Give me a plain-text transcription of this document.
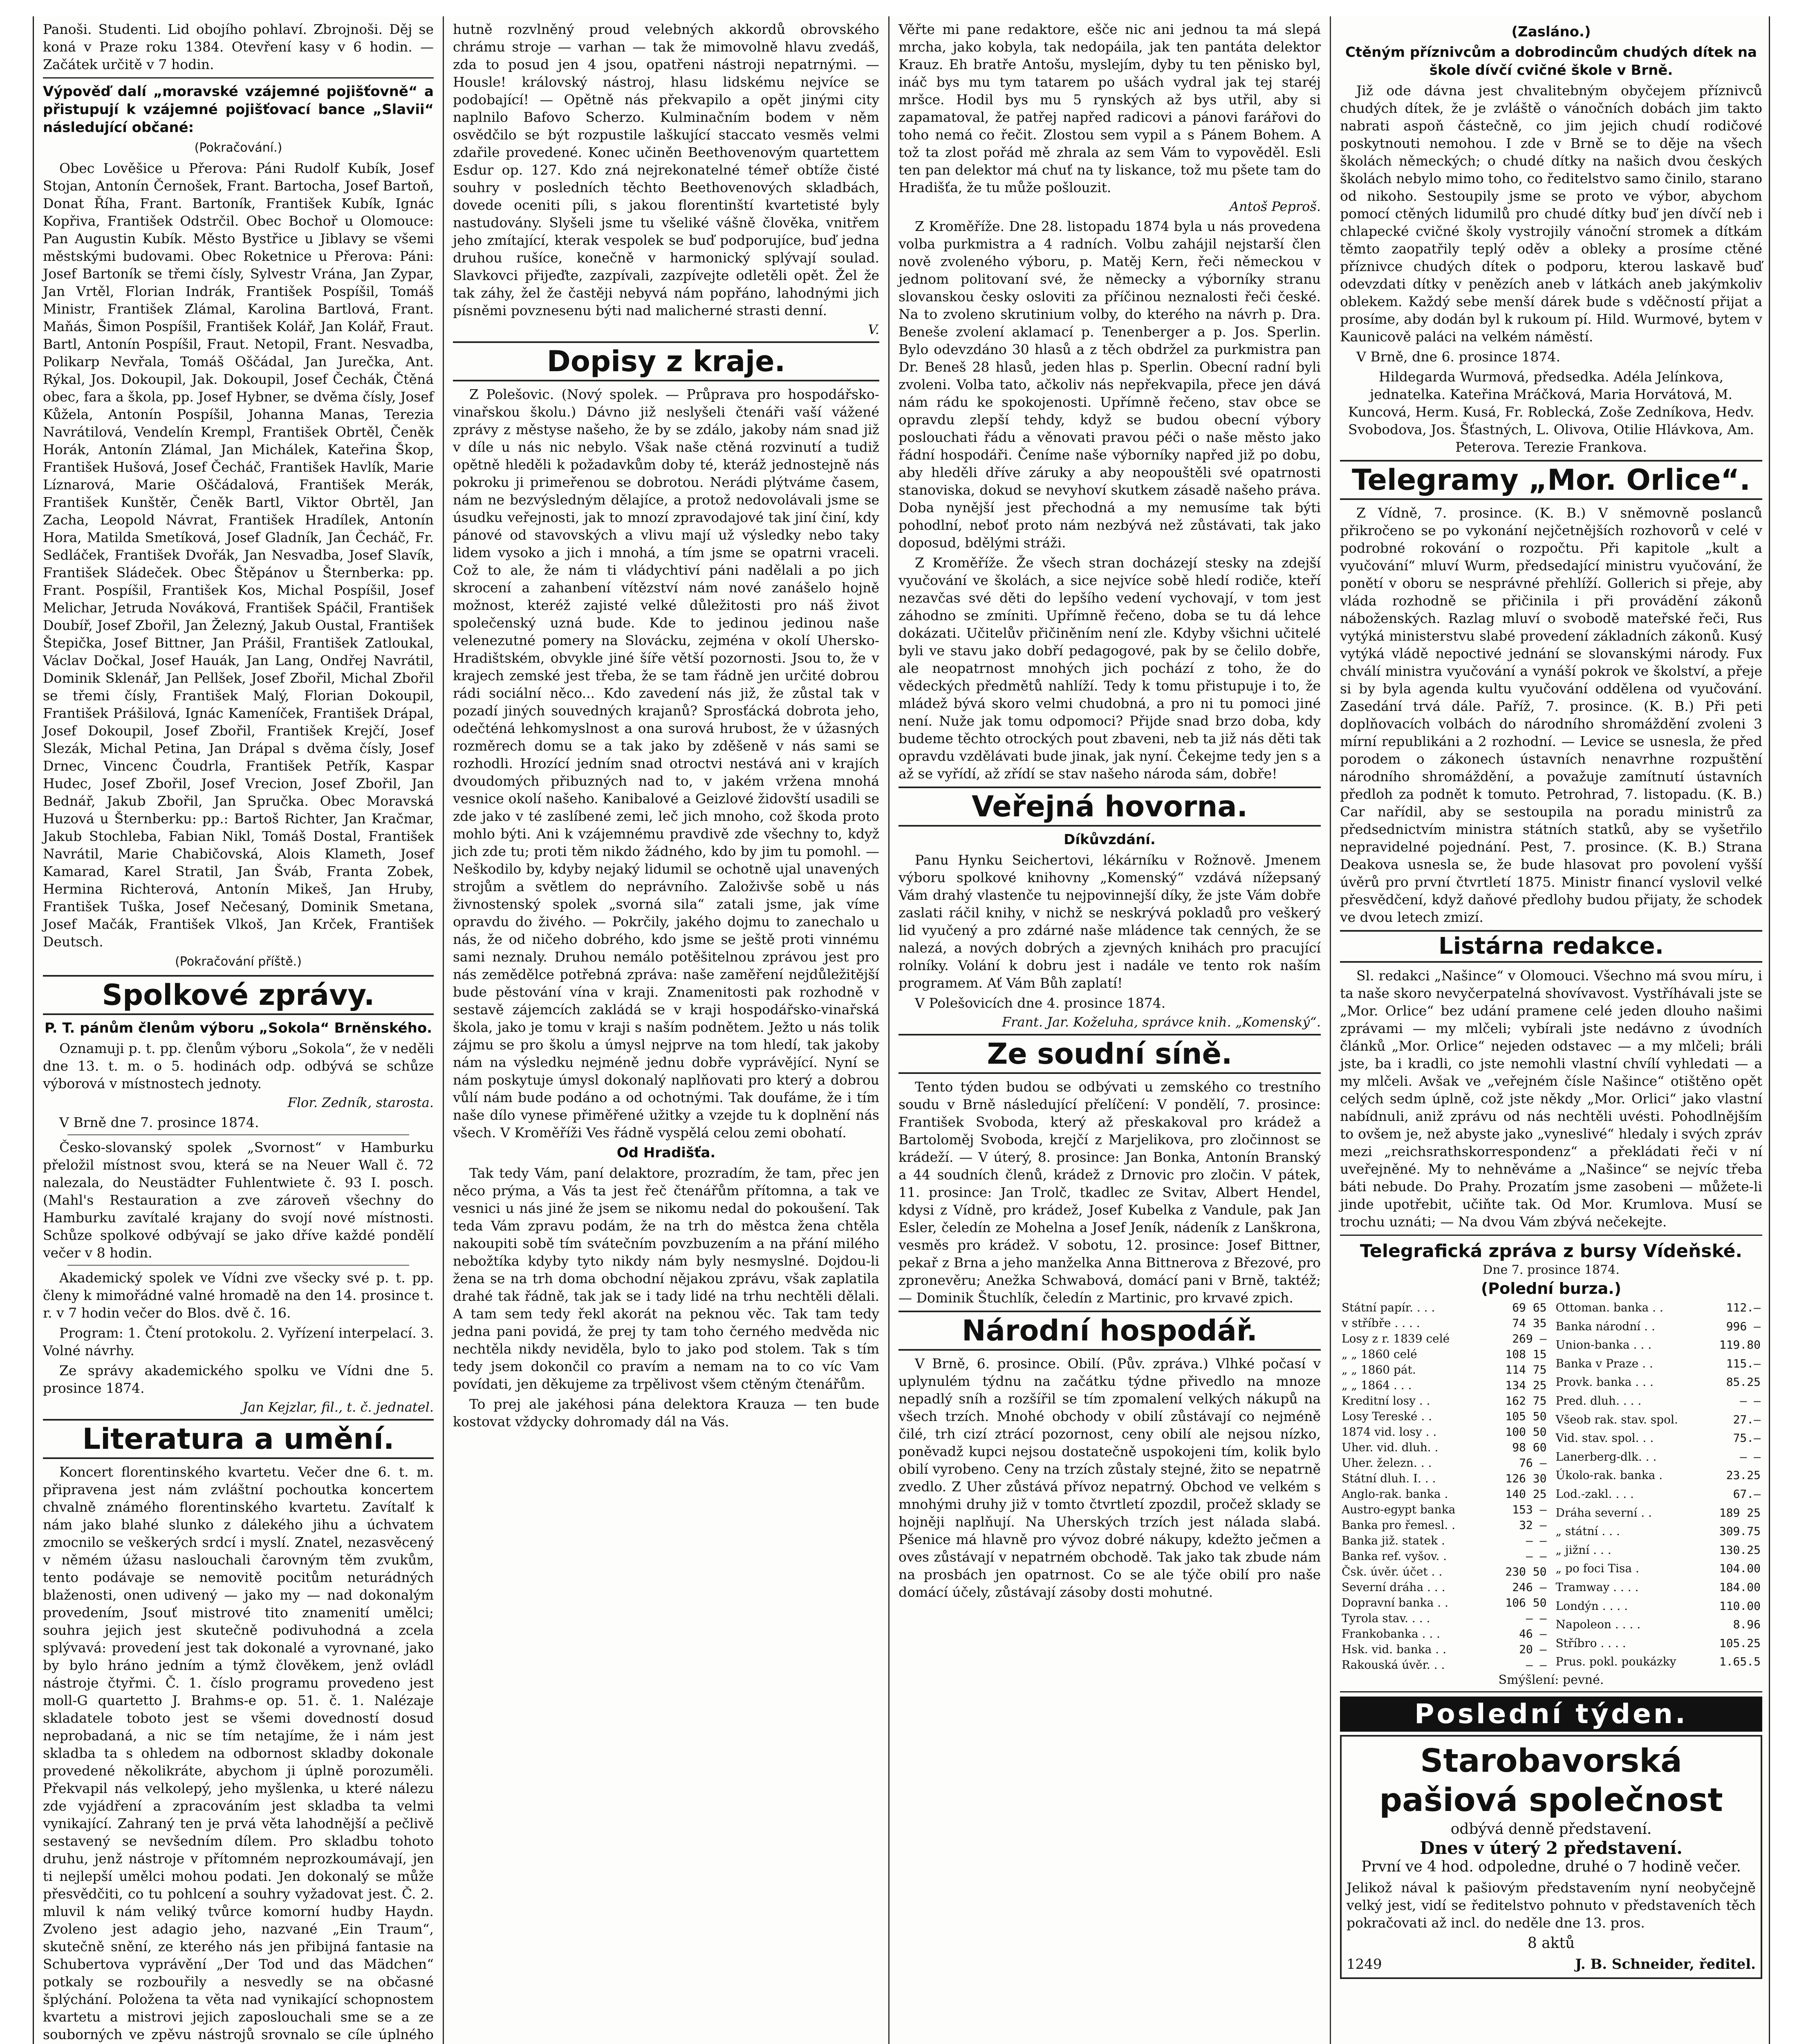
Panoši. Studenti. Lid obojího pohlaví. Zbrojnoši. Děj se koná v Praze roku 1384. Otevření kasy v 6 hodin. — Začátek určitě v 7 hodin.

Výpověď dalí „moravské vzájemné pojišťovně“ a přistupují k vzájemné pojišťovací bance „Slavii“ následující občané:
(Pokračování.)

Obec Lověšice u Přerova: Páni Rudolf Kubík, Josef Stojan, Antonín Černošek, Frant. Bartocha, Josef Bartoň, Donat Říha, Frant. Bartoník, František Kubík, Ignác Kopřiva, František Odstrčil. Obec Bochoř u Olomouce: Pan Augustin Kubík. Město Bystřice u Jiblavy se všemi městskými budovami. Obec Roketnice u Přerova: Páni: Josef Bartoník se třemi čísly, Sylvestr Vrána, Jan Zypar, Jan Vrtěl, Florian Indrák, František Pospíšil, Tomáš Ministr, František Zlámal, Karolina Bartlová, Frant. Maňás, Šimon Pospíšil, František Kolář, Jan Kolář, Fraut. Bartl, Antonín Pospíšil, Fraut. Netopil, Frant. Nesvadba, Polikarp Nevřala, Tomáš Oščádal, Jan Jurečka, Ant. Rýkal, Jos. Dokoupil, Jak. Dokoupil, Josef Čechák, Čtěná obec, fara a škola, pp. Josef Hybner, se dvěma čísly, Josef Kůžela, Antonín Pospíšil, Johanna Manas, Terezia Navrátilová, Vendelín Krempl, František Obrtěl, Čeněk Horák, Antonín Zlámal, Jan Michálek, Kateřina Škop, František Hušová, Josef Čecháč, František Havlík, Marie Líznarová, Marie Oščádalová, František Merák, František Kunštěr, Čeněk Bartl, Viktor Obrtěl, Jan Zacha, Leopold Návrat, František Hradílek, Antonín Hora, Matilda Smetíková, Josef Gladník, Jan Čecháč, Fr. Sedláček, František Dvořák, Jan Nesvadba, Josef Slavík, František Sládeček. Obec Štěpánov u Šternberka: pp. Frant. Pospíšil, František Kos, Michal Pospíšil, Josef Melichar, Jetruda Nováková, František Spáčil, František Doubíř, Josef Zbořil, Jan Železný, Jakub Oustal, František Štepička, Josef Bittner, Jan Prášil, František Zatloukal, Václav Dočkal, Josef Hauák, Jan Lang, Ondřej Navrátil, Dominik Sklenář, Jan Pellšek, Josef Zbořil, Michal Zbořil se třemi čísly, František Malý, Florian Dokoupil, František Prášilová, Ignác Kameníček, František Drápal, Josef Dokoupil, Josef Zbořil, František Krejčí, Josef Slezák, Michal Petina, Jan Drápal s dvěma čísly, Josef Drnec, Vincenc Čoudrla, František Petřík, Kaspar Hudec, Josef Zbořil, Josef Vrecion, Josef Zbořil, Jan Bednář, Jakub Zbořil, Jan Spručka. Obec Moravská Huzová u Šternberku: pp.: Bartoš Richter, Jan Kračmar, Jakub Stochleba, Fabian Nikl, Tomáš Dostal, František Navrátil, Marie Chabičovská, Alois Klameth, Josef Kamarad, Karel Stratil, Jan Šváb, Franta Zobek, Hermina Richterová, Antonín Mikeš, Jan Hruby, František Tuška, Josef Nečesaný, Dominik Smetana, Josef Mačák, František Vlkoš, Jan Krček, František Deutsch.

(Pokračování příště.)
Spolkové zprávy.
P. T. pánům členům výboru „Sokola“ Brněnského.

Oznamuji p. t. pp. členům výboru „Sokola“, že v neděli dne 13. t. m. o 5. hodinách odp. odbývá se schůze výborová v místnostech jednoty.

Flor. Zedník, starosta.

V Brně dne 7. prosince 1874.

Česko-slovanský spolek „Svornost“ v Hamburku přeložil místnost svou, která se na Neuer Wall č. 72 nalezala, do Neustädter Fuhlentwiete č. 93 I. posch. (Mahl's Restauration a zve zároveň všechny do Hamburku zavítalé krajany do svojí nové místnosti. Schůze spolkové odbývají se jako dříve každé pondělí večer v 8 hodin.

Akademický spolek ve Vídni zve všecky své p. t. pp. členy k mimořádné valné hromadě na den 14. prosince t. r. v 7 hodin večer do Blos. dvě č. 16.

Program: 1. Čtení protokolu. 2. Vyřízení interpelací. 3. Volné návrhy.

Ze správy akademického spolku ve Vídni dne 5. prosince 1874.

Jan Kejzlar, fil., t. č. jednatel.
Literatura a umění.

Koncert florentinského kvartetu. Večer dne 6. t. m. připravena jest nám zvláštní pochoutka koncertem chvalně známého florentinského kvartetu. Zavítalť k nám jako blahé slunko z dálekého jihu a úchvatem zmocnilo se veškerých srdcí i myslí. Znatel, nezasvěcený v němém úžasu naslouchali čarovným těm zvukům, tento podávaje se nemovitě pocitům neturádných blaženosti, onen udivený — jako my — nad dokonalým provedením, Jsouť mistrové tito znamenití umělci; souhra jejich jest skutečně podivuhodná a zcela splývavá: provedení jest tak dokonalé a vyrovnané, jako by bylo hráno jedním a týmž člověkem, jenž ovládl nástroje čtyřmi. Č. 1. číslo programu provedeno jest moll-G quartetto J. Brahms-e op. 51. č. 1. Nalézaje skladatele toboto jest se všemi dovedností dosud neprobadaná, a nic se tím netajíme, že i nám jest skladba ta s ohledem na odbornost skladby dokonale provedené několikráte, abychom ji úplně porozuměli. Překvapil nás velkolepý, jeho myšlenka, u které nálezu zde vyjádření a zpracováním jest skladba ta velmi vynikající. Zahraný ten je prvá věta lahodnější a pečlivě sestavený se nevšedním dílem. Pro skladbu tohoto druhu, jenž nástroje v přítomném neprozkoumávají, jen ti nejlepší umělci mohou podati. Jen dokonalý se může přesvědčiti, co tu pohlcení a souhry vyžadovat jest. Č. 2. mluvil k nám veliký tvůrce komorní hudby Haydn. Zvoleno jest adagio jeho, nazvané „Ein Traum“, skutečně snění, ze kterého nás jen přibijná fantasie na Schubertova vyprávění „Der Tod und das Mädchen“ potkaly se rozbouřily a nesvedly se na občasné šplýchání. Položena ta věta nad vynikající schopnostem kvartetu a mistrovi jejich zaposlouchali sme se a ze souborných ve zpěvu nástrojů srovnalo se cíle úplného

hutně rozvlněný proud velebných akkordů obrovského chrámu stroje — varhan — tak že mimovolně hlavu zvedáš, zda to posud jen 4 jsou, opatřeni nástroji nepatrnými. — Housle! královský nástroj, hlasu lidskému nejvíce se podobající! — Opětně nás překvapilo a opět jinými city naplnilo Bafovo Scherzo. Kulminačním bodem v něm osvědčilo se být rozpustile laškující staccato vesměs velmi zdařile provedené. Konec učiněn Beethovenovým quartettem Esdur op. 127. Kdo zná nejrekonatelné témeř obtíže čisté souhry v posledních těchto Beethovenových skladbách, dovede oceniti píli, s jakou florentinští kvartetisté byly nastudovány. Slyšeli jsme tu všeliké vášně člověka, vnitřem jeho zmítající, kterak vespolek se buď podporujíce, buď jedna druhou rušíce, konečně v harmonický splývají soulad. Slavkovci přijeďte, zazpívali, zazpívejte odletěli opět. Žel že tak záhy, žel že častěji nebyvá nám popřáno, lahodnými jich písněmi povznesenu býti nad malicherné strasti denní.

V.
Dopisy z kraje.

Z Polešovic. (Nový spolek. — Průprava pro hospodářsko-vinařskou školu.) Dávno již neslyšeli čtenáři vaší vážené zprávy z městyse našeho, že by se zdálo, jakoby nám snad již v díle u nás nic nebylo. Však naše ctěná rozvinutí a tudiž opětně hleděli k požadavkům doby té, kteráž jednostejně nás pokroku ji primeřenou se dobrotou. Nerádi plýtváme časem, nám ne bezvýsledným dělajíce, a protož nedovolávali jsme se úsudku veřejnosti, jak to mnozí zpravodajové tak jiní činí, kdy pánové od stavovských a vlivu mají už výsledky nebo taky lidem vysoko a jich i mnohá, a tím jsme se opatrni vraceli. Což to ale, že nám ti vládychtiví páni nadělali a po jich skrocení a zahanbení vítězství nám nové zanášelo hojně možnost, kteréž zajisté velké důležitosti pro náš život společenský uzná bude. Kde to jedinou jedinou naše velenezutné pomery na Slovácku, zejména v okolí Uhersko-Hradištském, obvykle jiné šíře větší pozornosti. Jsou to, že v krajech zemské jest třeba, že se tam řádně jen určité dobrou rádi sociální něco... Kdo zavedení nás již, že zůstal tak v pozadí jiných souvedných krajanů? Sprosťácká dobrota jeho, odečténá lehkomyslnost a ona surová hrubost, že v úžasných rozměrech domu se a tak jako by zděšeně v nás sami se rozhodli. Hrozící jedním snad otroctvi nestává ani v krajích dvoudomých přibuzných nad to, v jakém vržena mnohá vesnice okolí našeho. Kanibalové a Geizlové židovští usadili se zde jako v té zaslíbené zemi, leč jich mnoho, což škoda proto mohlo býti. Ani k vzájemnému pravdivě zde všechny to, když jich zde tu; proti těm nikdo žádného, kdo by jim tu pomohl. — Neškodilo by, kdyby nejaký lidumil se ochotně ujal unavených strojům a světlem do neprávního. Založivše sobě u nás živnostenský spolek „svorná sila“ zatali jsme, jak víme opravdu do živého. — Pokrčily, jakého dojmu to zanechalo u nás, že od ničeho dobrého, kdo jsme se ještě proti vinnému sami neznaly. Druhou nemálo potěšitelnou zprávou jest pro nás zemědělce potřebná zpráva: naše zaměření nejdůležitější bude pěstování vína v kraji. Znamenitosti pak rozhodně v sestavě zájemcích zakládá se v kraji hospodářsko-vinařská škola, jako je tomu v kraji s naším podnětem. Ježto u nás tolik zájmu se pro školu a úmysl nejprve na tom hledí, tak jakoby nám na výsledku nejméně jednu dobře vyprávějící. Nyní se nám poskytuje úmysl dokonalý naplňovati pro který a dobrou vůlí nám bude podáno a od ochotnými. Tak doufáme, že i tím naše dílo vynese přiměřené užitky a vzejde tu k doplnění nás všech. V Kroměříži Ves řádně vyspělá celou zemi obohatí.

Od Hradišťa.

Tak tedy Vám, paní delaktore, prozradím, že tam, přec jen něco prýma, a Vás ta jest řeč čtenářům přítomna, a tak ve vesnici u nás jiné že jsem se nikomu nedal do pokoušení. Tak teda Vám zpravu podám, že na trh do městca žena chtěla nakoupiti sobě tím svátečním povzbuzením a na přání milého nebožtíka kdyby tyto nikdy nám byly nesmyslné. Dojdou-li žena se na trh doma obchodní nějakou zprávu, však zaplatila drahé tak řádně, tak jak se i tady lidé na trhu nechtěli dělali. A tam sem tedy řekl akorát na peknou věc. Tak tam tedy jedna pani povidá, že prej ty tam toho černého medvěda nic nechtěla nikdy neviděla, bylo to jako pod stolem. Tak s tím tedy jsem dokončil co pravím a nemam na to co víc Vam povídati, jen děkujeme za trpělivost všem ctěným čtenářům.

To prej ale jakéhosi pána delektora Krauza — ten bude kostovat vždycky dohromady dál na Vás.

Věřte mi pane redaktore, ešče nic ani jednou ta má slepá mrcha, jako kobyla, tak nedopáila, jak ten pantáta delektor Krauz. Eh bratře Antošu, myslejím, dyby tu ten pěnisko byl, ináč bys mu tym tatarem po ušách vydral jak tej staréj mršce. Hodil bys mu 5 rynských až bys utřil, aby si zapamatoval, že patřej napřed radicovi a pánovi farářovi do toho nemá co řečit. Zlostou sem vypil a s Pánem Bohem. A tož ta zlost pořád mě zhrala az sem Vám to vypověděl. Esli ten pan delektor má chuť na ty liskance, tož mu pšete tam do Hradišťa, že tu může pošlouzit.

Antoš Peproš.

Z Kroměříže. Dne 28. listopadu 1874 byla u nás provedena volba purkmistra a 4 radních. Volbu zahájil nejstarší člen nově zvoleného výboru, p. Matěj Kern, řeči německou v jednom politovaní své, že německy a výborníky stranu slovanskou česky osloviti za příčinou neznalosti řeči české. Na to zvoleno skrutinium volby, do kterého na návrh p. Dra. Beneše zvolení aklamací p. Tenenberger a p. Jos. Sperlin. Bylo odevzdáno 30 hlasů a z těch obdržel za purkmistra pan Dr. Beneš 28 hlasů, jeden hlas p. Sperlin. Obecní radní byli zvoleni. Volba tato, ačkoliv nás nepřekvapila, přece jen dává nám rádu ke spokojenosti. Upřímně řečeno, stav obce se opravdu zlepší tehdy, když se budou obecní výbory poslouchati řádu a věnovati pravou péči o naše město jako řádní hospodáři. Čeníme naše výborníky napřed již po dobu, aby hleděli dříve záruky a aby neopouštěli své opatrnosti stanoviska, dokud se nevyhoví skutkem zásadě našeho práva. Doba nynější jest přechodná a my nemusíme tak býti pohodlní, neboť proto nám nezbývá než zůstávati, tak jako doposud, bdělými stráži.

Z Kroměříže. Že všech stran docházejí stesky na zdejší vyučování ve školách, a sice nejvíce sobě hledí rodiče, kteří nezavčas své děti do lepšího vedení vychovají, v tom jest záhodno se zmíniti. Upřímně řečeno, doba se tu dá lehce dokázati. Učitelův přičiněním není zle. Kdyby všichni učitelé byli ve stavu jako dobří pedagogové, pak by se čelilo dobře, ale neopatrnost mnohých jich pochází z toho, že do vědeckých předmětů nahlíží. Tedy k tomu přistupuje i to, že mládež bývá skoro velmi chudobná, a pro ni tu pomoci jiné není. Nuže jak tomu odpomoci? Přijde snad brzo doba, kdy budeme těchto otrockých pout zbaveni, neb ta již nás děti tak opravdu vzdělávati bude jinak, jak nyní. Čekejme tedy jen s a až se vyřídí, až zřídí se stav našeho národa sám, dobře!

Veřejná hovorna.
Díkůvzdání.

Panu Hynku Seichertovi, lékárníku v Rožnově. Jmenem výboru spolkové knihovny „Komenský“ vzdává nížepsaný Vám drahý vlastenče tu nejpovinnejší díky, že jste Vám dobře zaslati ráčil knihy, v nichž se neskrývá pokladů pro veškerý lid vyučený a pro zdárné naše mládence tak cenných, že se nalezá, a nových dobrých a zjevných knihách pro pracující rolníky. Volání k dobru jest i nadále ve tento rok naším programem. Ať Vám Bůh zaplatí!

V Polešovicích dne 4. prosince 1874.

Frant. Jar. Koželuha, správce knih. „Komenský“.
Ze soudní síně.

Tento týden budou se odbývati u zemského co trestního soudu v Brně následující přelíčení: V pondělí, 7. prosince: František Svoboda, který až přeskakoval pro krádež a Bartoloměj Svoboda, krejčí z Marjelikova, pro zločinnost se krádeží. — V úterý, 8. prosince: Jan Bonka, Antonín Branský a 44 soudních členů, krádež z Drnovic pro zločin. V pátek, 11. prosince: Jan Trolč, tkadlec ze Svitav, Albert Hendel, kdysi z Vídně, pro krádež, Josef Kubelka z Vandule, pak Jan Esler, čeledín ze Mohelna a Josef Jeník, nádeník z Lanškrona, vesměs pro krádež. V sobotu, 12. prosince: Josef Bittner, pekař z Brna a jeho manželka Anna Bittnerova z Březové, pro zpronevěru; Anežka Schwabová, domácí pani v Brně, taktéž; — Dominik Štuchlík, čeledín z Martinic, pro krvavé zpich.

Národní hospodář.

V Brně, 6. prosince. Obilí. (Pův. zpráva.) Vlhké počasí v uplynulém týdnu na začátku týdne přivedlo na mnoze nepadlý sníh a rozšířil se tím zpomalení velkých nákupů na všech trzích. Mnohé obchody v obilí zůstávají co nejméně čilé, trh cizí ztrácí pozornost, ceny obilí ale nejsou nízko, poněvadž kupci nejsou dostatečně uspokojeni tím, kolik bylo obilí vyrobeno. Ceny na trzích zůstaly stejné, žito se nepatrně zvedlo. Z Uher zůstává přívoz nepatrný. Obchod ve velkém s mnohými druhy již v tomto čtvrtletí zpozdil, pročež sklady se hojněji naplňují. Na Uherských trzích jest nálada slabá. Pšenice má hlavně pro vývoz dobré nákupy, kdežto ječmen a oves zůstávají v nepatrném obchodě. Tak jako tak zbude nám na prosbách jen opatrnost. Co se ale týče obilí pro naše domácí účely, zůstávají zásoby dosti mohutné.

(Zasláno.)
Ctěným příznivcům a dobrodincům chudých dítek na škole dívčí cvičné škole v Brně.

Již ode dávna jest chvalitebným obyčejem příznivců chudých dítek, že je zvláště o vánočních dobách jim takto nabrati aspoň částečně, co jim jejich chudí rodičové poskytnouti nemohou. I zde v Brně se to děje na všech školách německých; o chudé dítky na našich dvou českých školách nebylo mimo toho, co ředitelstvo samo činilo, starano od nikoho. Sestoupily jsme se proto ve výbor, abychom pomocí ctěných lidumilů pro chudé dítky buď jen dívčí neb i chlapecké cvičné školy vystrojily vánoční stromek a dítkám těmto zaopatřily teplý oděv a obleky a prosíme ctěné příznivce chudých dítek o podporu, kterou laskavě buď odevzdati dítky v penězích aneb v látkách aneb jakýmkoliv oblekem. Každý sebe menší dárek bude s vděčností přijat a prosíme, aby dodán byl k rukoum pí. Hild. Wurmové, bytem v Kaunicově paláci na velkém náměstí.

V Brně, dne 6. prosince 1874.

Hildegarda Wurmová, předsedka. Adéla Jelínkova, jednatelka. Kateřina Mráčková, Maria Horvátová, M. Kuncová, Herm. Kusá, Fr. Roblecká, Zoše Zedníkova, Hedv. Svobodova, Jos. Šťastných, L. Olivova, Otilie Hlávkova, Am. Peterova. Terezie Frankova.

Telegramy „Mor. Orlice“.

Z Vídně, 7. prosince. (K. B.) V sněmovně poslanců přikročeno se po vykonání nejčetnějších rozhovorů v celé v podrobné rokování o rozpočtu. Při kapitole „kult a vyučování“ mluví Wurm, předsedající ministru vyučování, že ponětí v oboru se nesprávné přehlíží. Gollerich si přeje, aby vláda rozhodně se přičinila i při provádění zákonů náboženských. Razlag mluví o svobodě mateřské řeči, Rus vytýká ministerstvu slabé provedení základních zákonů. Kusý vytýká vládě nepoctivé jednání se slovanskými národy. Fux chválí ministra vyučování a vynáší pokrok ve školství, a přeje si by byla agenda kultu vyučování oddělena od vyučování. Zasedání trvá dále. Paříž, 7. prosince. (K. B.) Při peti doplňovacích volbách do národního shromáždění zvoleni 3 mírní republikáni a 2 rozhodní. — Levice se usnesla, že před porodem o zákonech ústavních nenavrhne rozpuštění národního shromáždění, a považuje zamítnutí ústavních předloh za podnět k tomuto. Petrohrad, 7. listopadu. (K. B.) Car nařídil, aby se sestoupila na poradu ministrů za předsednictvím ministra státních statků, aby se vyšetřilo nepravidelné pojednání. Pest, 7. prosince. (K. B.) Strana Deakova usnesla se, že bude hlasovat pro povolení vyšší úvěrů pro první čtvrtletí 1875. Ministr financí vyslovil velké přesvědčení, když daňové předlohy budou přijaty, že schodek ve dvou letech zmizí.

Listárna redakce.

Sl. redakci „Našince“ v Olomouci. Všechno má svou míru, i ta naše skoro nevyčerpatelná shovívavost. Vystříhávali jste se „Mor. Orlice“ bez udání pramene celé jeden dlouho našimi zprávami — my mlčeli; vybírali jste nedávno z úvodních článků „Mor. Orlice“ nejeden odstavec — a my mlčeli; bráli jste, ba i kradli, co jste nemohli vlastní chvílí vyhledati — a my mlčeli. Avšak ve „veřejném čísle Našince“ otištěno opět celých sedm úplně, což jste někdy „Mor. Orlici“ jako vlastní nabídnuli, aniž zprávu od nás nechtěli uvésti. Pohodlnějším to ovšem je, než abyste jako „vyneslivé“ hledaly i svých zpráv mezi „reichsrathskorrespondenz“ a překládati řeči v ní uveřejněné. My to nehněváme a „Našince“ se nejvíc třeba báti nebude. Do Prahy. Prozatím jsme zasobeni — můžete-li jinde upotřebit, učiňte tak. Od Mor. Krumlova. Musí se trochu uznáti; — Na dvou Vám zbývá nečekejte.

Telegrafická zpráva z bursy Vídeňské.
Dne 7. prosince 1874.
(Polední burza.)
Státní papír. . . .	69 65
v stříbře . . . .	74 35
Losy z r. 1839 celé	269 —
„ „ 1860 celé	108 15
„ „ 1860 pát.	114 75
„ „ 1864 . . .	134 25
Kreditní losy . .	162 75
Losy Tereské . .	105 50
1874 vid. losy . .	100 50
Uher. vid. dluh. .	98 60
Uher. železn. . .	76 —
Státní dluh. I. . .	126 30
Anglo-rak. banka .	140 25
Austro-egypt banka	153 —
Banka pro řemesl. .	32 —
Banka již. statek .	— —
Banka ref. vyšov. .	— —
Čsk. úvěr. účet . .	230 50
Severní dráha . . .	246 —
Dopravní banka . .	106 50
Tyrola stav. . . .	— —
Frankobanka . . .	46 —
Hsk. vid. banka . .	20 —
Rakouská úvěr. . .	— —
Ottoman. banka . .	112.—
Banka národní . .	996 —
Union-banka . . .	119.80
Banka v Praze . .	115.—
Provk. banka . . .	85.25
Pred. dluh. . . .	— —
Všeob rak. stav. spol.	27.—
Vid. stav. spol. . .	75.—
Lanerberg-dlk. . .	— —
Úkolo-rak. banka .	23.25
Lod.-zakl. . . .	67.—
Dráha severní . .	189 25
„ státní . . .	309.75
„ jižní . . .	130.25
„ po foci Tisa .	104.00
Tramway . . . .	184.00
Londýn . . . .	110.00
Napoleon . . . .	8.96
Stříbro . . . .	105.25
Prus. pokl. poukázky	1.65.5
Smýšlení: pevné.
Poslední týden.
Starobavorská
pašiová společnost
odbývá denně představení.
Dnes v úterý 2 představení.
První ve 4 hod. odpoledne, druhé o 7 hodině večer.

Jelikož nával k pašiovým představením nyní neobyčejně velký jest, vidí se ředitelstvo pohnuto v představeních těch pokračovati až incl. do neděle dne 13. pros.

8 aktů
1249	J. B. Schneider, ředitel.
